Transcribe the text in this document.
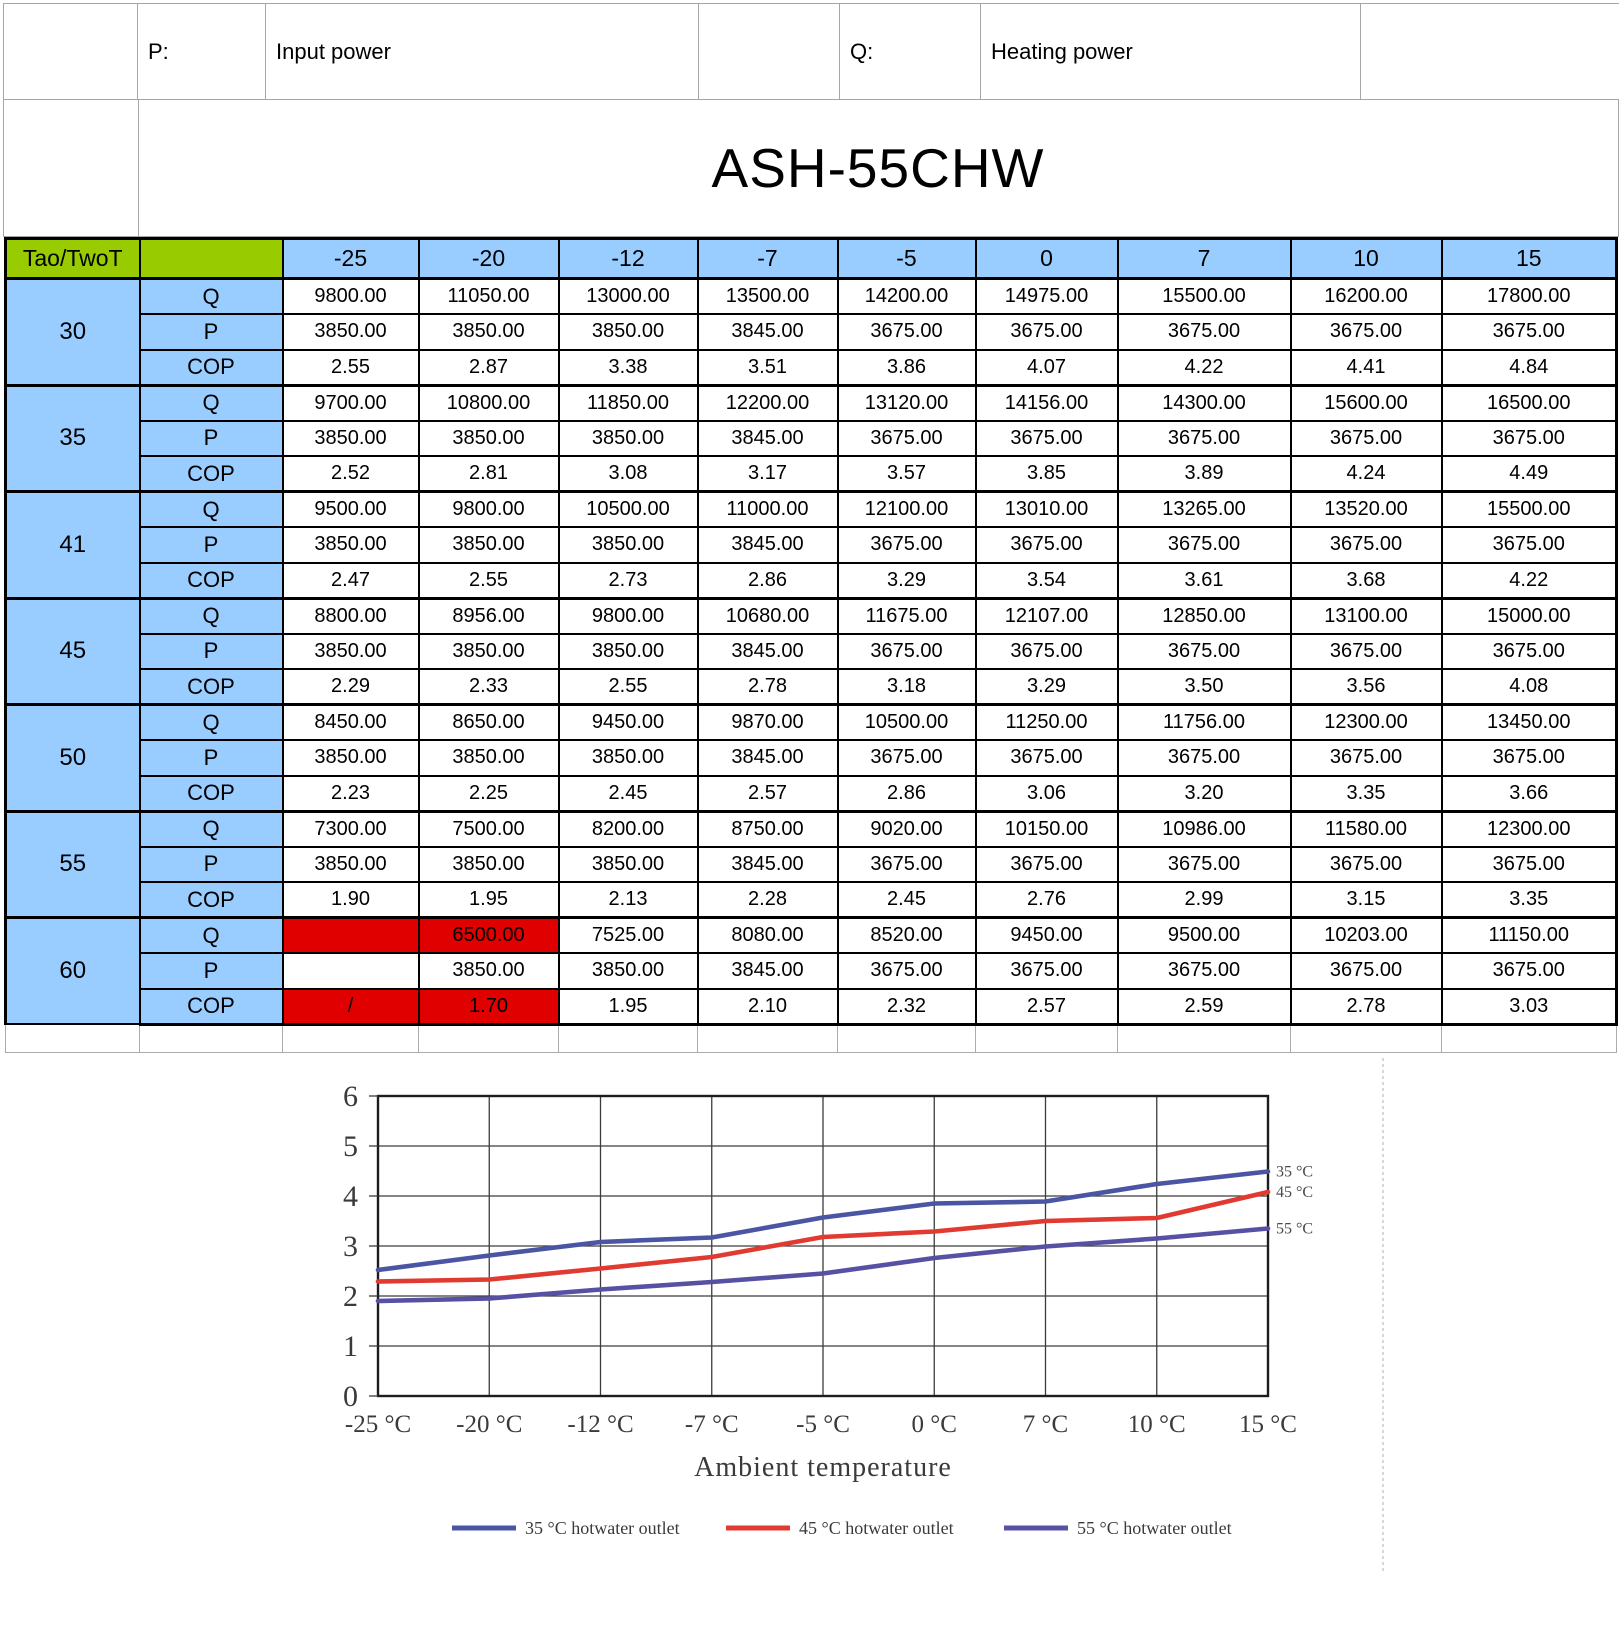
P:	Input power	Q:	Heating power
ASH-55CHW
Tao/TwoT		-25	-20	-12	-7	-5	0	7	10	15
30	Q	9800.00	11050.00	13000.00	13500.00	14200.00	14975.00	15500.00	16200.00	17800.00
	P	3850.00	3850.00	3850.00	3845.00	3675.00	3675.00	3675.00	3675.00	3675.00
	COP	2.55	2.87	3.38	3.51	3.86	4.07	4.22	4.41	4.84
35	Q	9700.00	10800.00	11850.00	12200.00	13120.00	14156.00	14300.00	15600.00	16500.00
	P	3850.00	3850.00	3850.00	3845.00	3675.00	3675.00	3675.00	3675.00	3675.00
	COP	2.52	2.81	3.08	3.17	3.57	3.85	3.89	4.24	4.49
41	Q	9500.00	9800.00	10500.00	11000.00	12100.00	13010.00	13265.00	13520.00	15500.00
	P	3850.00	3850.00	3850.00	3845.00	3675.00	3675.00	3675.00	3675.00	3675.00
	COP	2.47	2.55	2.73	2.86	3.29	3.54	3.61	3.68	4.22
45	Q	8800.00	8956.00	9800.00	10680.00	11675.00	12107.00	12850.00	13100.00	15000.00
	P	3850.00	3850.00	3850.00	3845.00	3675.00	3675.00	3675.00	3675.00	3675.00
	COP	2.29	2.33	2.55	2.78	3.18	3.29	3.50	3.56	4.08
50	Q	8450.00	8650.00	9450.00	9870.00	10500.00	11250.00	11756.00	12300.00	13450.00
	P	3850.00	3850.00	3850.00	3845.00	3675.00	3675.00	3675.00	3675.00	3675.00
	COP	2.23	2.25	2.45	2.57	2.86	3.06	3.20	3.35	3.66
55	Q	7300.00	7500.00	8200.00	8750.00	9020.00	10150.00	10986.00	11580.00	12300.00
	P	3850.00	3850.00	3850.00	3845.00	3675.00	3675.00	3675.00	3675.00	3675.00
	COP	1.90	1.95	2.13	2.28	2.45	2.76	2.99	3.15	3.35
60	Q		6500.00	7525.00	8080.00	8520.00	9450.00	9500.00	10203.00	11150.00
	P		3850.00	3850.00	3845.00	3675.00	3675.00	3675.00	3675.00	3675.00
	COP	/	1.70	1.95	2.10	2.32	2.57	2.59	2.78	3.03

0
1
2
3
4
5
6
-25 °C -20 °C -12 °C -7 °C -5 °C 0 °C	7 °C 10 °C 15 °C
35 °C
45 °C
55 °C
Ambient temperature
35 °C hotwater outlet	45 °C hotwater outlet	55 °C hotwater outlet
